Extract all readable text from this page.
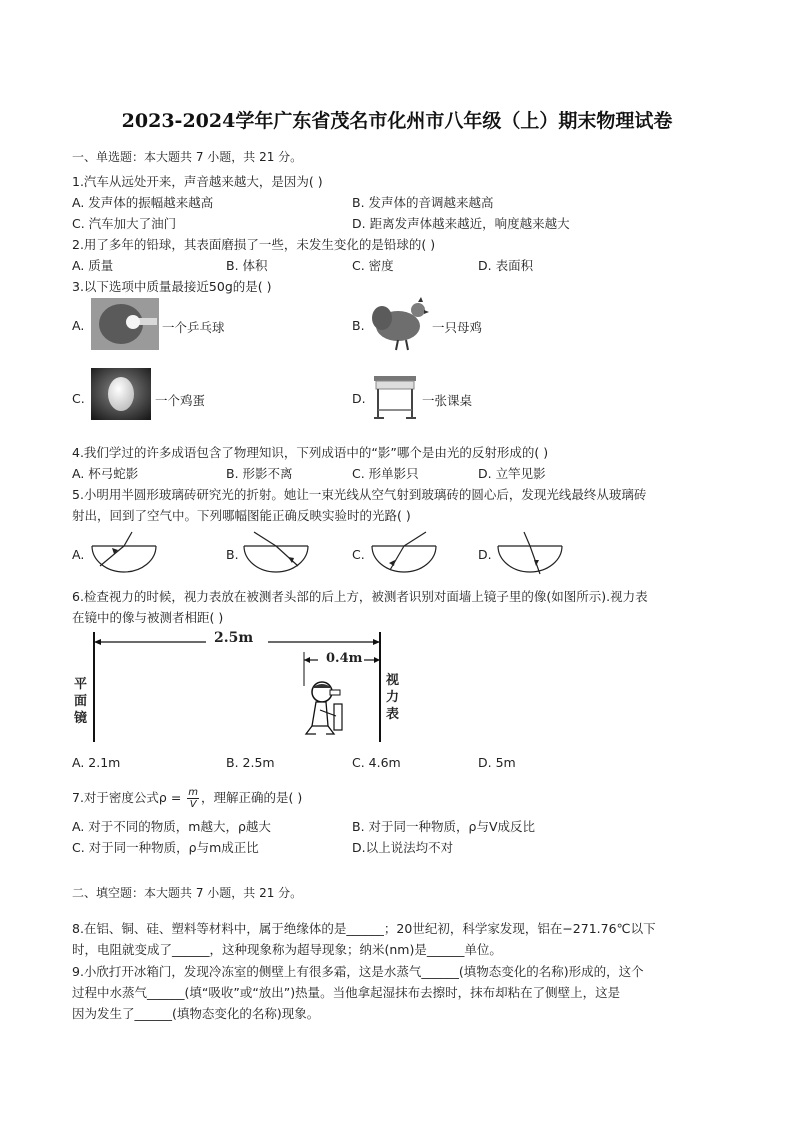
2023-2024学年广东省茂名市化州市八年级（上）期末物理试卷
一、单选题：本大题共 7 小题，共 21 分。
1.汽车从远处开来，声音越来越大，是因为( )
A. 发声体的振幅越来越高	B. 发声体的音调越来越高
C. 汽车加大了油门	D. 距离发声体越来越近，响度越来越大
2.用了多年的铅球，其表面磨损了一些，未发生变化的是铅球的( )
A. 质量	B. 体积	C. 密度	D. 表面积
3.以下选项中质量最接近50g的是( )
A.	一个乒乓球	B.	一只母鸡
C.	一个鸡蛋	D.	一张课桌
4.我们学过的许多成语包含了物理知识，下列成语中的“影”哪个是由光的反射形成的( )
A. 杯弓蛇影	B. 形影不离	C. 形单影只	D. 立竿见影
5.小明用半圆形玻璃砖研究光的折射。她让一束光线从空气射到玻璃砖的圆心后，发现光线最终从玻璃砖
射出，回到了空气中。下列哪幅图能正确反映实验时的光路( )
A.	B.	C.	D.
6.检查视力的时候，视力表放在被测者头部的后上方，被测者识别对面墙上镜子里的像(如图所示).视力表
在镜中的像与被测者相距( )
2.5m
0.4m
平
面
镜
视
力
表
A. 2.1m	B. 2.5m	C. 4.6m	D. 5m
7.对于密度公式$\rho = \frac{m}{V}$ ，理解正确的是( )
A. 对于不同的物质，m越大，ρ越大	B. 对于同一种物质，ρ与V成反比
C. 对于同一种物质，ρ与m成正比	D.以上说法均不对
二、填空题：本大题共 7 小题，共 21 分。
8.在铝、铜、硅、塑料等材料中，属于绝缘体的是______；20世纪初，科学家发现，铝在−271.76℃以下
时，电阻就变成了______，这种现象称为超导现象；纳米(nm)是______单位。
9.小欣打开冰箱门，发现冷冻室的侧壁上有很多霜，这是水蒸气______(填物态变化的名称)形成的，这个
过程中水蒸气______(填“吸收”或“放出”)热量。当他拿起湿抹布去擦时，抹布却粘在了侧壁上，这是
因为发生了______(填物态变化的名称)现象。
